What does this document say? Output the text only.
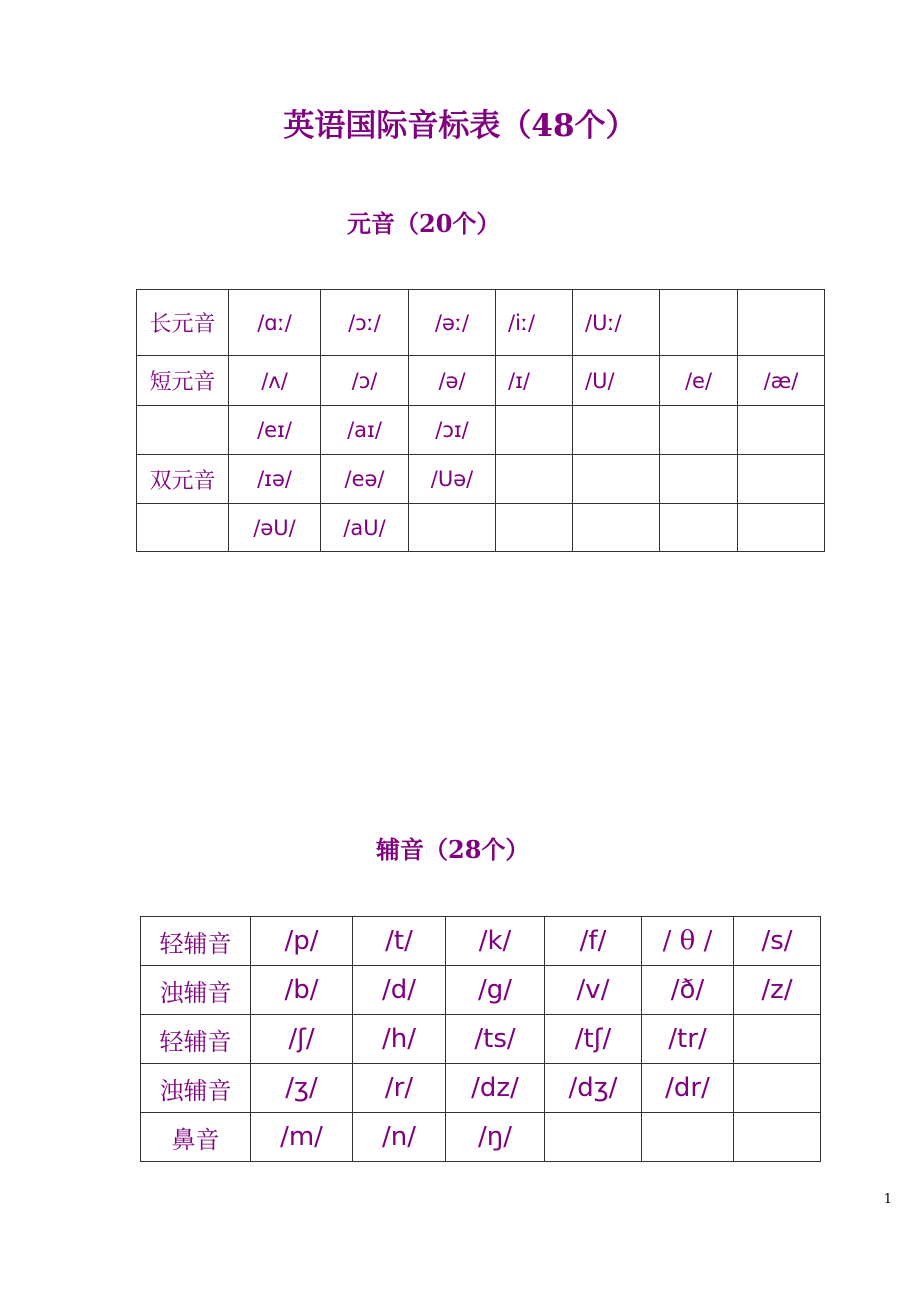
英语国际音标表（48个）
元音（20个）
长元音	/ɑː/	/ɔː/	/əː/	/iː/	/Uː/		
短元音	/ʌ/	/ɔ/	/ə/	/ɪ/	/U/	/e/	/æ/
	/eɪ/	/aɪ/	/ɔɪ/				
双元音	/ɪə/	/eə/	/Uə/				
	/əU/	/aU/					
辅音（28个）
轻辅音	/p/	/t/	/k/	/f/	/ θ /	/s/
浊辅音	/b/	/d/	/g/	/v/	/ð/	/z/
轻辅音	/ʃ/	/h/	/ts/	/tʃ/	/tr/	
浊辅音	/ʒ/	/r/	/dz/	/dʒ/	/dr/	
鼻音	/m/	/n/	/ŋ/			
1
